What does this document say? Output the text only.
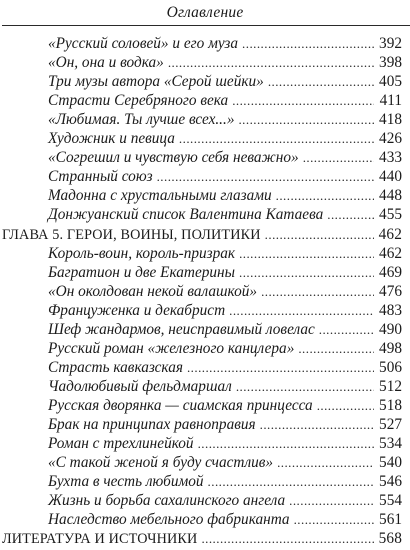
Оглавление
«Русский соловей» и его муза . . .	392
«Он, она и водка» . . .	398
Три музы автора «Серой шейки» . . .	405
Страсти Серебряного века . . .	411
«Любимая. Ты лучше всех...» . . .	418
Художник и певица . . .	426
«Согрешил и чувствую себя неважно» . . .	433
Странный союз . . .	440
Мадонна с хрустальными глазами . . .	448
Донжуанский список Валентина Катаева . . .	455
ГЛАВА 5. ГЕРОИ, ВОИНЫ, ПОЛИТИКИ . . .	462
Король-воин, король-призрак . . .	462
Багратион и две Екатерины . . .	469
«Он околдован некой валашкой» . . .	476
Француженка и декабрист . . .	483
Шеф жандармов, неисправимый ловелас . . .	490
Русский роман «железного канцлера» . . .	498
Страсть кавказская . . .	506
Чадолюбивый фельдмаршал . . .	512
Русская дворянка — сиамская принцесса . . .	518
Брак на принципах равноправия . . .	527
Роман с трехлинейкой . . .	534
«С такой женой я буду счастлив» . . .	540
Бухта в честь любимой . . .	546
Жизнь и борьба сахалинского ангела . . .	554
Наследство мебельного фабриканта . . .	561
ЛИТЕРАТУРА И ИСТОЧНИКИ . . .	568
